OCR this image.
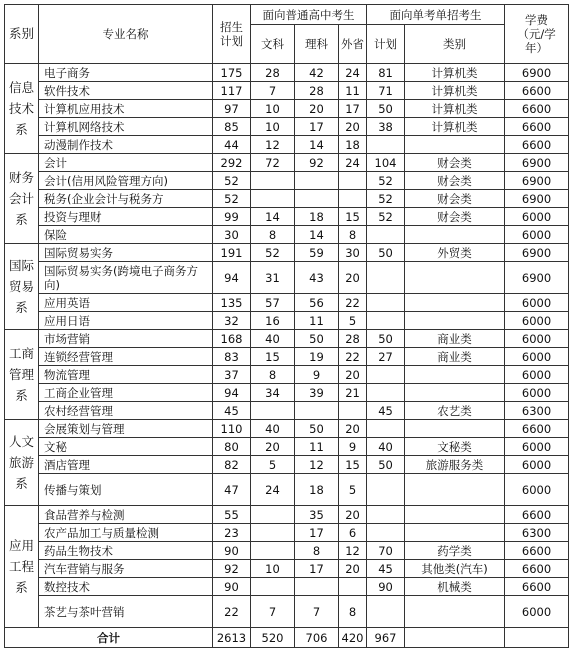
系别	专业名称	招生计划	面向普通高中考生			面向单考单招考生		学费（元/学年）
			文科	理科	外省	计划	类别	
信息技术系	电子商务	175	28	42	24	81	计算机类	6900
	软件技术	117	7	28	11	71	计算机类	6600
	计算机应用技术	97	10	20	17	50	计算机类	6600
	计算机网络技术	85	10	17	20	38	计算机类	6600
	动漫制作技术	44	12	14	18			6600
财务会计系	会计	292	72	92	24	104	财会类	6900
	会计(信用风险管理方向)	52				52	财会类	6900
	税务(企业会计与税务方	52				52	财会类	6900
	投资与理财	99	14	18	15	52	财会类	6000
	保险	30	8	14	8			6000
国际贸易系	国际贸易实务	191	52	59	30	50	外贸类	6900
	国际贸易实务(跨境电子商务方向)	94	31	43	20			6900
	应用英语	135	57	56	22			6000
	应用日语	32	16	11	5			6000
工商管理系	市场营销	168	40	50	28	50	商业类	6000
	连锁经营管理	83	15	19	22	27	商业类	6000
	物流管理	37	8	9	20			6000
	工商企业管理	94	34	39	21			6000
	农村经营管理	45				45	农艺类	6300
人文旅游系	会展策划与管理	110	40	50	20			6600
	文秘	80	20	11	9	40	文秘类	6000
	酒店管理	82	5	12	15	50	旅游服务类	6000
	传播与策划	47	24	18	5			6000
应用工程系	食品营养与检测	55		35	20			6600
	农产品加工与质量检测	23		17	6			6300
	药品生物技术	90		8	12	70	药学类	6600
	汽车营销与服务	92	10	17	20	45	其他类(汽车)	6600
	数控技术	90				90	机械类	6600
	茶艺与茶叶营销	22	7	7	8			6000
合计		2613	520	706	420	967		
